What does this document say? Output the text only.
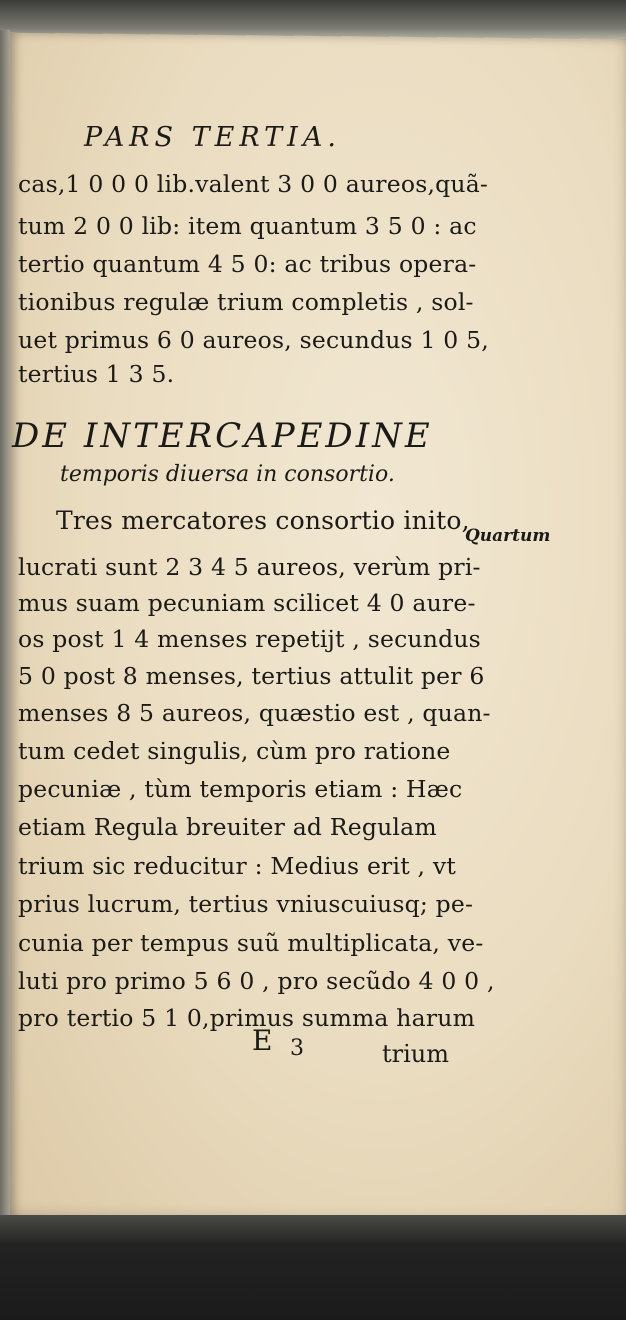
PARS TERTIA.
cas,1 0 0 0 lib.valent 3 0 0 aureos,quã-
tum 2 0 0 lib: item quantum 3 5 0 : ac
tertio quantum 4 5 0: ac tribus opera-
tionibus regulæ trium completis , sol-
uet primus 6 0 aureos, secundus 1 0 5,
tertius 1 3 5.
DE INTERCAPEDINE
temporis diuersa in consortio.
Quartum
Tres mercatores consortio inito,
lucrati sunt 2 3 4 5 aureos, verùm pri-
mus suam pecuniam scilicet 4 0 aure-
os post 1 4 menses repetijt , secundus
5 0 post 8 menses, tertius attulit per 6
menses 8 5 aureos, quæstio est , quan-
tum cedet singulis, cùm pro ratione
pecuniæ , tùm temporis etiam : Hæc
etiam Regula breuiter ad Regulam
trium sic reducitur : Medius erit , vt
prius lucrum, tertius vniuscuiusq; pe-
cunia per tempus suũ multiplicata, ve-
luti pro primo 5 6 0 , pro secũdo 4 0 0 ,
pro tertio 5 1 0,primus summa harum
E 3	trium
